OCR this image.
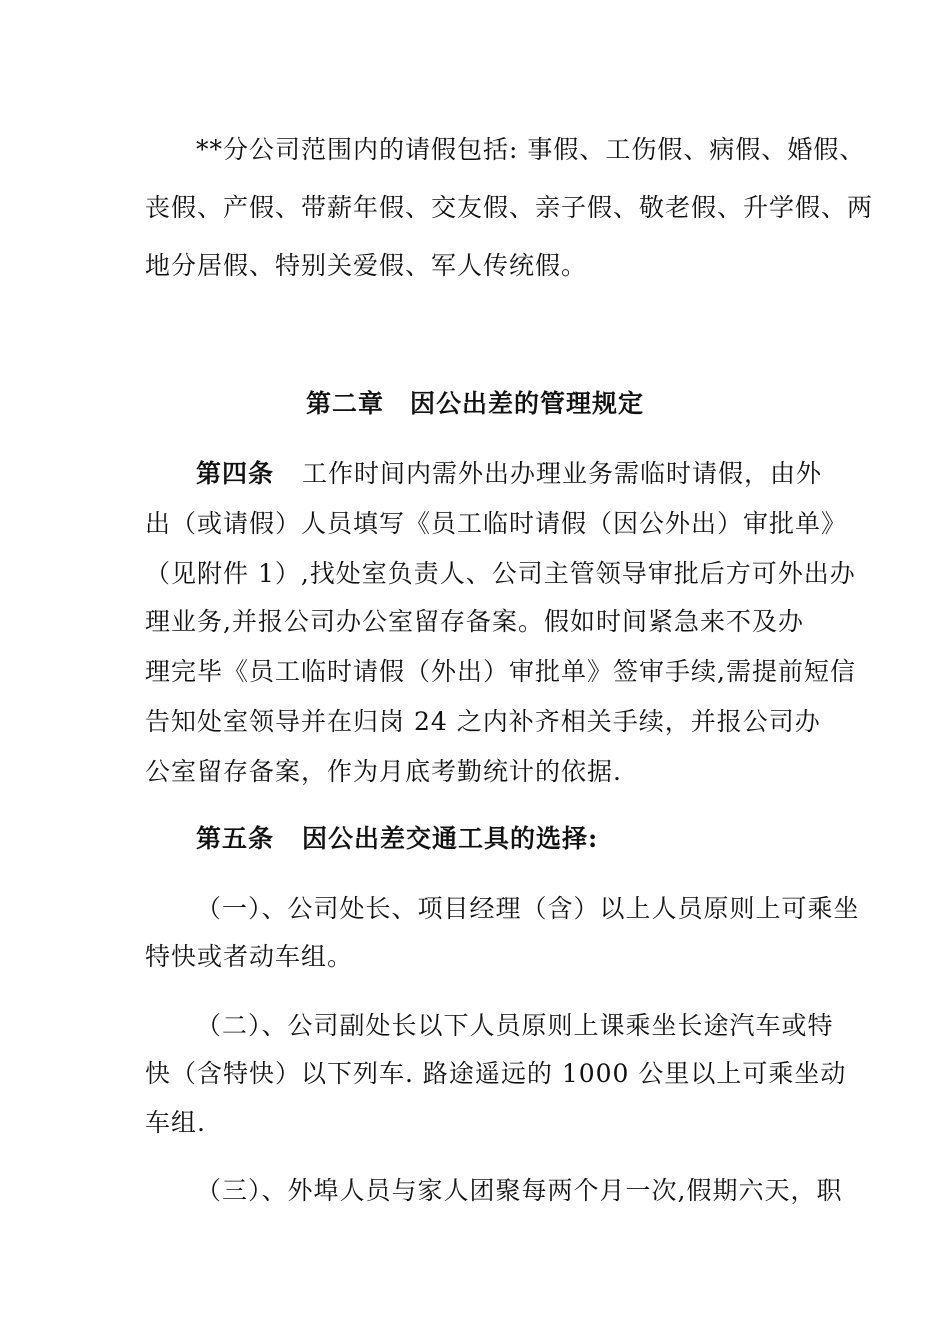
**分公司范围内的请假包括: 事假、工伤假、病假、婚假、
丧假、产假、带薪年假、交友假、亲子假、敬老假、升学假、两
地分居假、特别关爱假、军人传统假。
第二章　因公出差的管理规定
第四条 工作时间内需外出办理业务需临时请假，由外
出（或请假）人员填写《员工临时请假（因公外出）审批单》
（见附件 1）,找处室负责人、公司主管领导审批后方可外出办
理业务,并报公司办公室留存备案。假如时间紧急来不及办
理完毕《员工临时请假（外出）审批单》签审手续,需提前短信
告知处室领导并在归岗 24 之内补齐相关手续，并报公司办
公室留存备案，作为月底考勤统计的依据.
第五条 因公出差交通工具的选择:
（一）、公司处长、项目经理（含）以上人员原则上可乘坐
特快或者动车组。
（二）、公司副处长以下人员原则上课乘坐长途汽车或特
快（含特快）以下列车. 路途遥远的 1000 公里以上可乘坐动
车组.
（三）、外埠人员与家人团聚每两个月一次,假期六天，职
